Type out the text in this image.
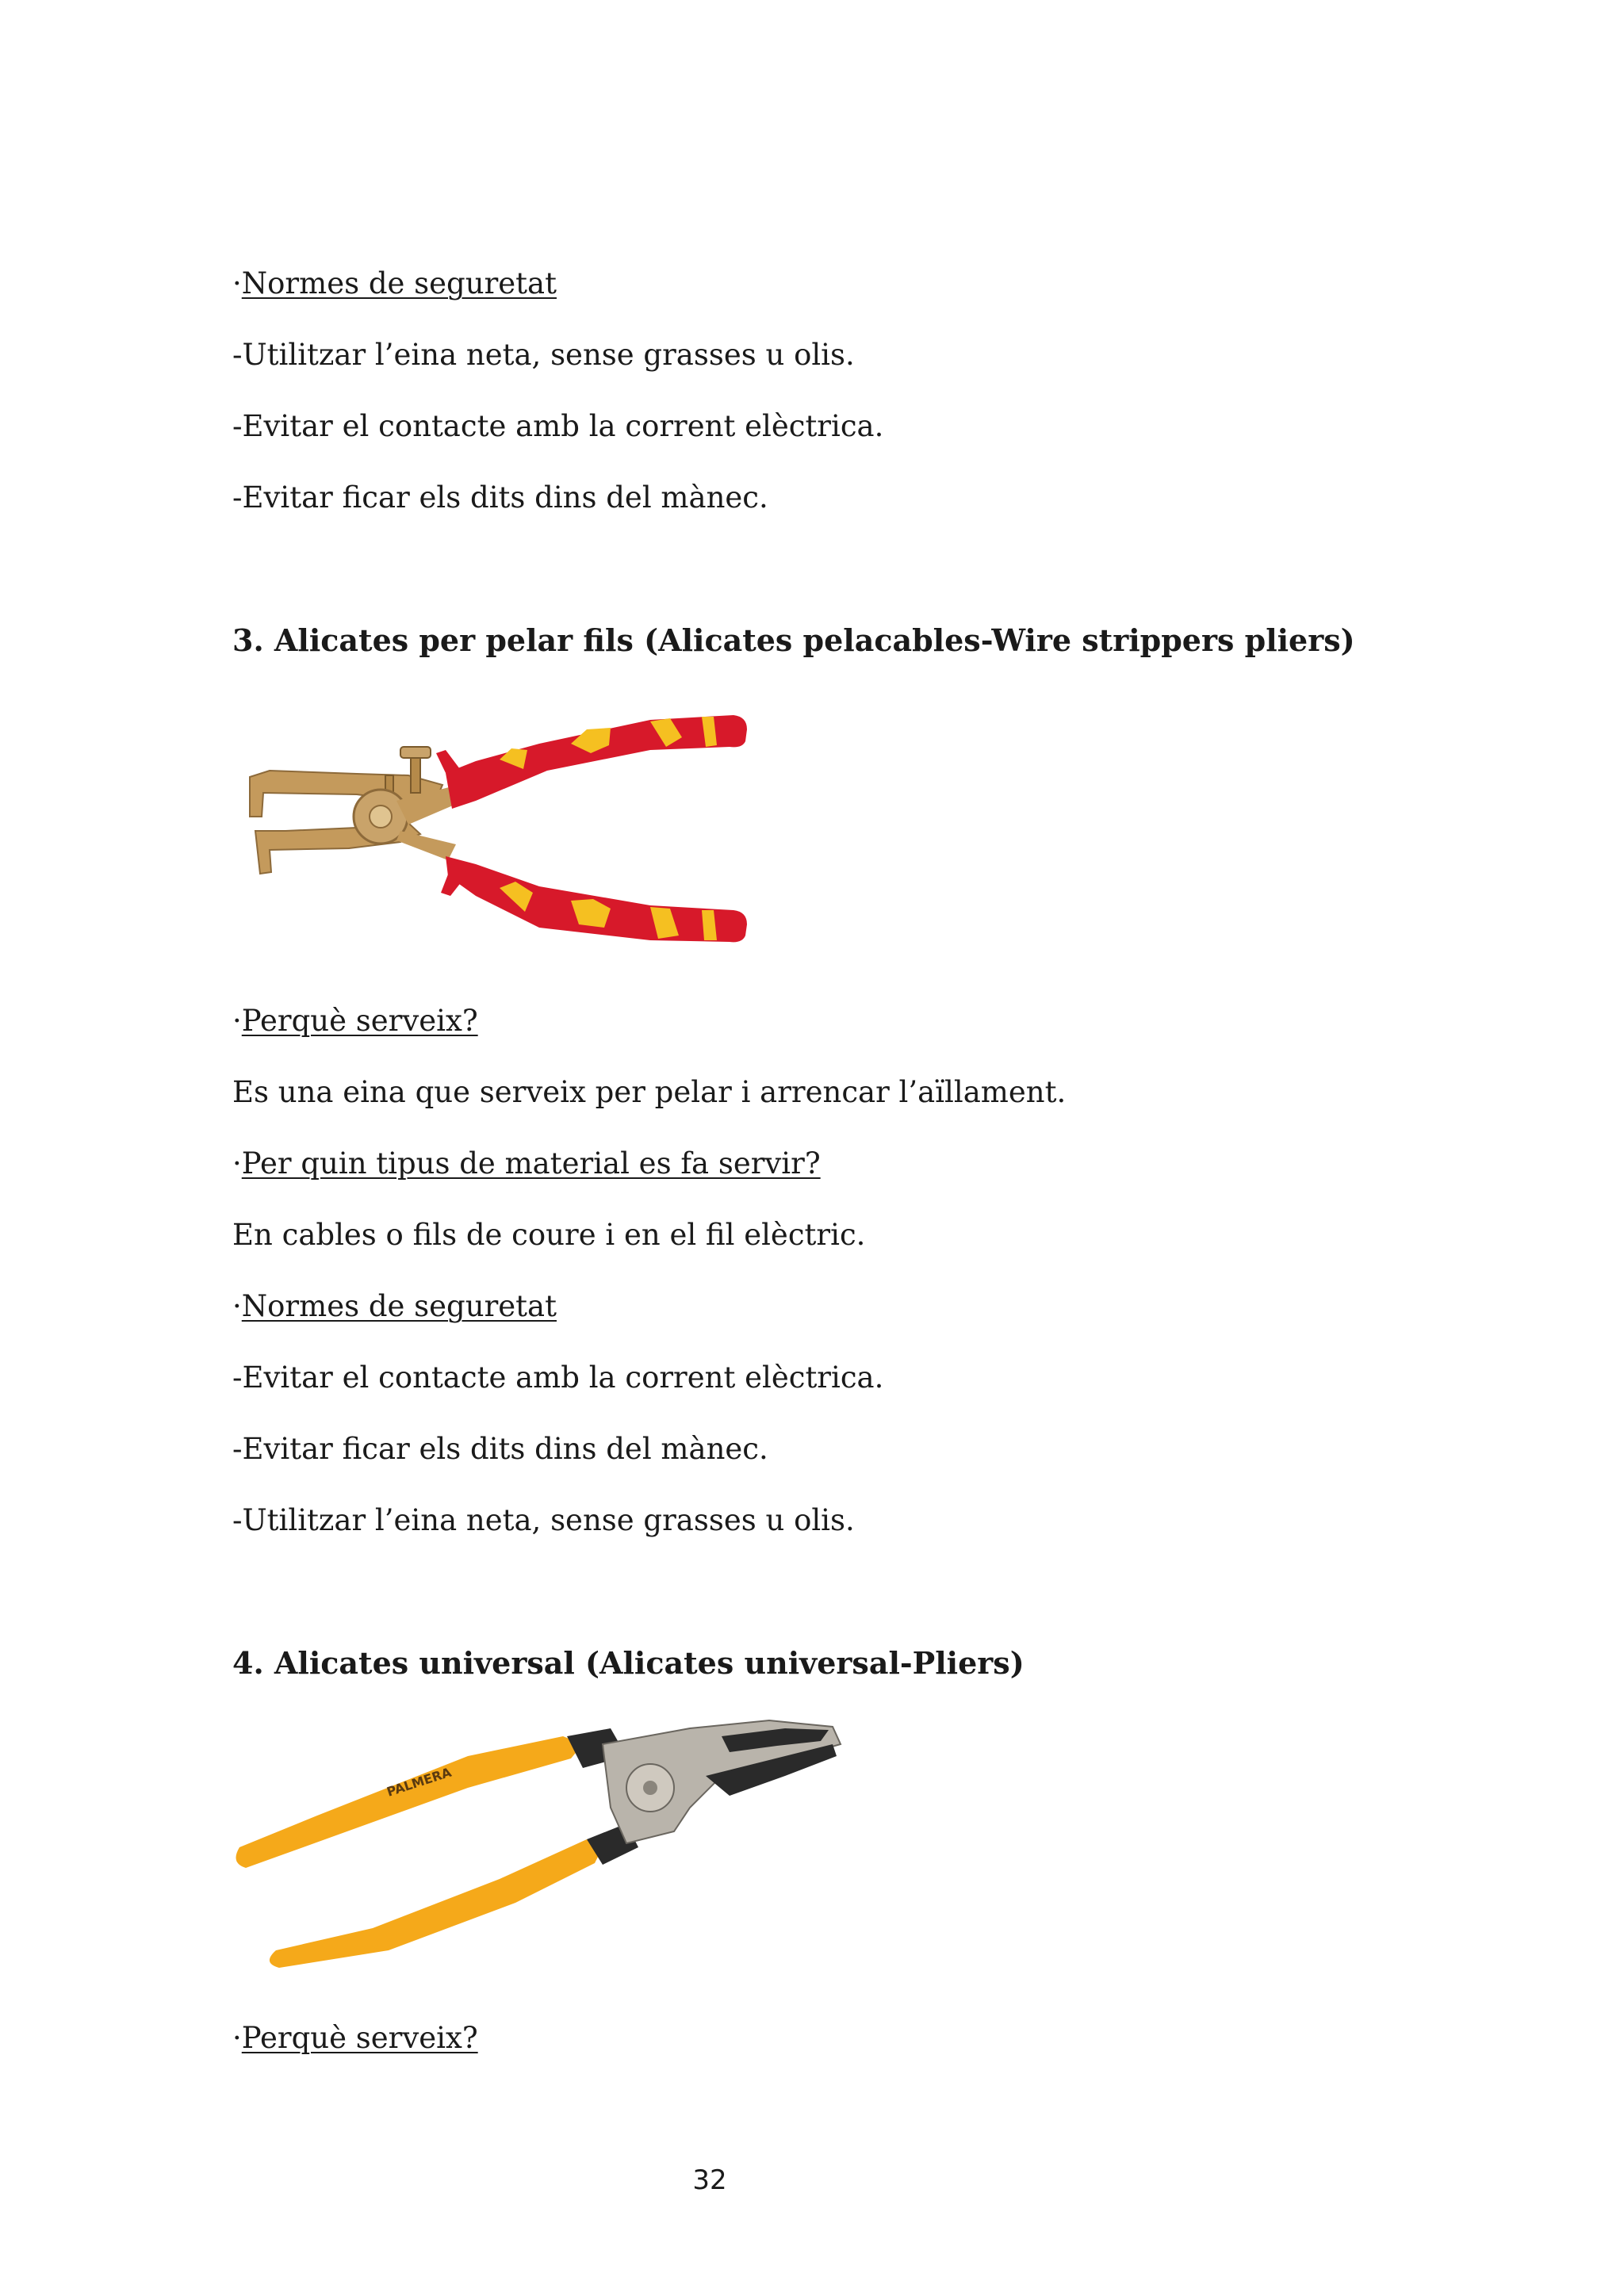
·Normes de seguretat
-Utilitzar l’eina neta, sense grasses u olis.
-Evitar el contacte amb la corrent elèctrica.
-Evitar ficar els dits dins del mànec.
3. Alicates per pelar fils (Alicates pelacables-Wire strippers pliers)
·Perquè serveix?
Es una eina que serveix per pelar i arrencar l’aïllament.
·Per quin tipus de material es fa servir?
En cables o fils de coure i en el fil elèctric.
·Normes de seguretat
-Evitar el contacte amb la corrent elèctrica.
-Evitar ficar els dits dins del mànec.
-Utilitzar l’eina neta, sense grasses u olis.
4. Alicates universal (Alicates universal-Pliers)
PALMERA
·Perquè serveix?
32
